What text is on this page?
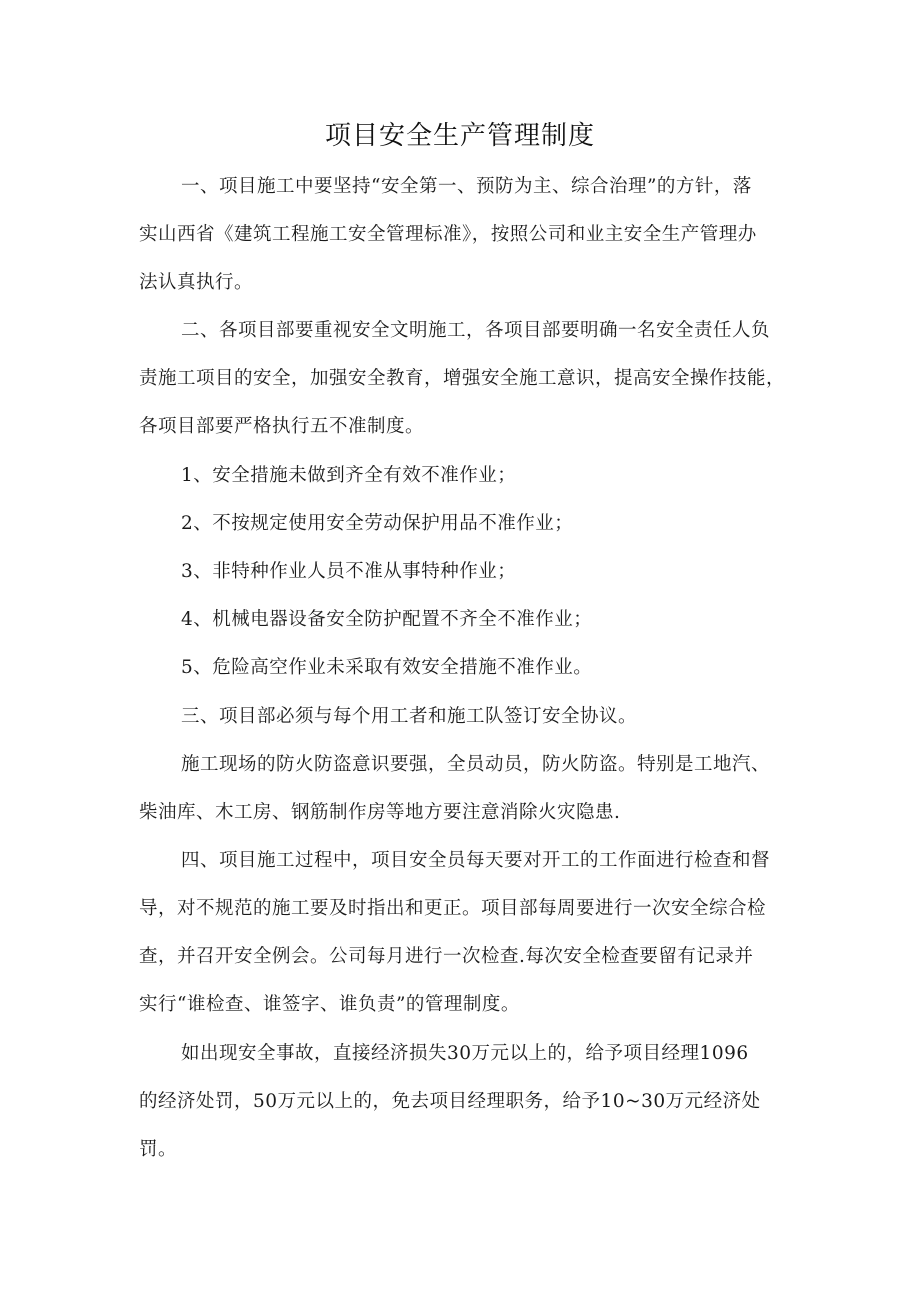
项目安全生产管理制度
一、项目施工中要坚持“安全第一、预防为主、综合治理”的方针，落
实山西省《建筑工程施工安全管理标准》，按照公司和业主安全生产管理办
法认真执行。
二、各项目部要重视安全文明施工，各项目部要明确一名安全责任人负
责施工项目的安全，加强安全教育，增强安全施工意识，提高安全操作技能，
各项目部要严格执行五不准制度。
1、安全措施未做到齐全有效不准作业；
2、不按规定使用安全劳动保护用品不准作业；
3、非特种作业人员不准从事特种作业；
4、机械电器设备安全防护配置不齐全不准作业；
5、危险高空作业未采取有效安全措施不准作业。
三、项目部必须与每个用工者和施工队签订安全协议。
施工现场的防火防盗意识要强，全员动员，防火防盗。特别是工地汽、
柴油库、木工房、钢筋制作房等地方要注意消除火灾隐患.
四、项目施工过程中，项目安全员每天要对开工的工作面进行检查和督
导，对不规范的施工要及时指出和更正。项目部每周要进行一次安全综合检
查，并召开安全例会。公司每月进行一次检查.每次安全检查要留有记录并
实行“谁检查、谁签字、谁负责”的管理制度。
如出现安全事故，直接经济损失30万元以上的，给予项目经理1096
的经济处罚，50万元以上的，免去项目经理职务，给予10~30万元经济处
罚。
